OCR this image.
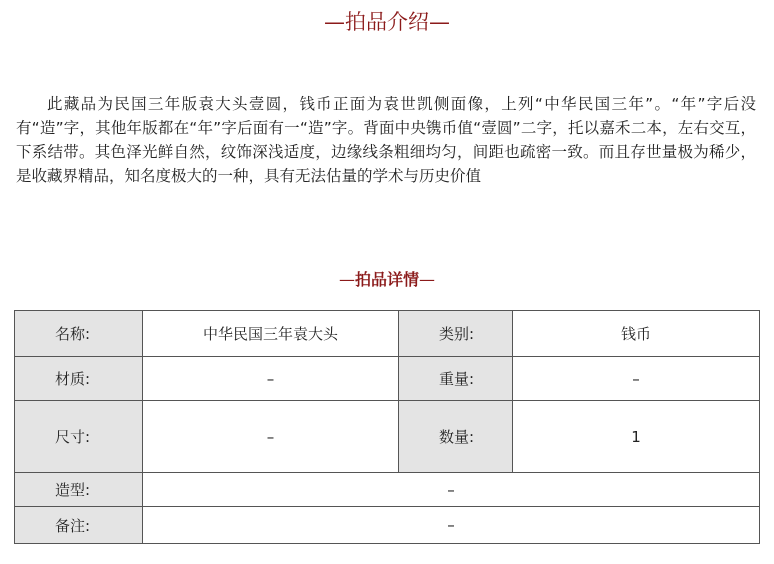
—拍品介绍—

此藏品为民国三年版袁大头壹圆，钱币正面为袁世凯侧面像，上列“中华民国三年”。“年”字后没有“造”字，其他年版都在“年”字后面有一“造”字。背面中央镌币值“壹圆”二字，托以嘉禾二本，左右交互，下系结带。其色泽光鲜自然，纹饰深浅适度，边缘线条粗细均匀，间距也疏密一致。而且存世量极为稀少，是收藏界精品，知名度极大的一种，具有无法估量的学术与历史价值

—拍品详情—
名称:	中华民国三年袁大头	类别:	钱币
材质:	–	重量:	–
尺寸:	–	数量:	1
造型:	–		
备注:	–		
